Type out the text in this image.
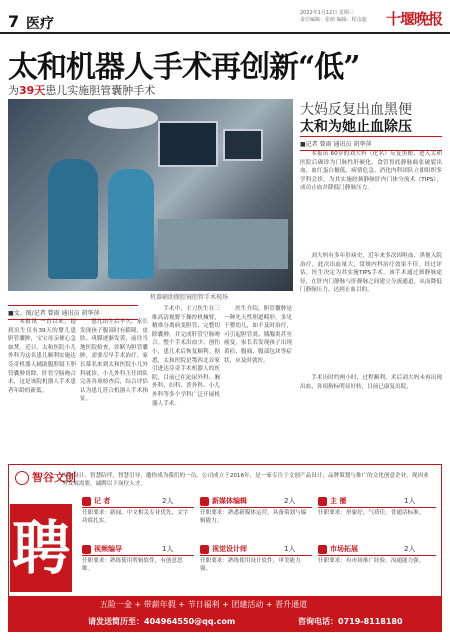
7 医疗
2022年1月12日 星期三
责任编辑：张萌 编辑：程彦超 十堰晚报
太和机器人手术再创新“低”
为39天患儿实施胆管囊肿手术
机器辅助腹腔镜胆管手术现场
■文、图/记者 曾雨 通讯员 胡华萍

本报讯 一直以来，提到出生仅有39天的婴儿患胆管囊肿，宝宝母亲便心急如焚。近日，太和医院小儿外科为这名患儿顺利实施达芬奇机器人辅助腹腔镜下胆管囊肿切除、肝管空肠吻合术，这是该院机器人手术患者年龄的新低。

患儿出生后不久，家长发现孩子腹部时有膨隆，皮肤、巩膜逐渐发黄，前往当地医院检查，诊断为胆管囊肿，需要尽早手术治疗。家长慕名来到太和医院小儿外科就诊。小儿外科主任团队完善各项检查后，综合评估认为患儿符合机器人手术指征。

手术中，主刀医生在三维高清视野下操控机械臂，精准分离病变胆管，完整切除囊肿，并完成肝管空肠吻合。整个手术出血少、创伤小，患儿术后恢复顺利。据悉，太和医院是鄂西北首家引进达芬奇手术机器人的医院，目前已在泌尿外科、胸外科、妇科、普外科、小儿外科等多个学科广泛开展机器人手术。

医生介绍，胆管囊肿是一种先天性胆道畸形，多见于婴幼儿，如不及时治疗，可引起胆管炎、胰腺炎甚至癌变。家长若发现孩子出现黄疸、腹痛、腹部包块等症状，应及时就医。

大妈反复出血黑便
太和为她止血除压
■记者 曾雨 通讯员 胡华萍

本报讯 60岁的刘大妈（化名）反复黑便、进入太和医院后确诊为门脉性肝硬化、食管胃底静脉曲张破裂出血，血红蛋白极低，病情危急。消化内科团队立即组织多学科会诊，为其实施经颈静脉肝内门体分流术（TIPS），成功止血并降低门静脉压力。

刘大妈有多年肝病史，近年来多次因呕血、黑便入院治疗，此次出血量大，常规内科治疗效果不佳。经过评估，医生决定为其实施TIPS手术。该手术通过颈静脉途径，在肝内门静脉与肝静脉之间建立分流通道，从而降低门静脉压力，达到止血目的。

手术历时约两小时，过程顺利。术后刘大妈未再出现出血，各项指标明显好转，目前已康复出院。

智谷文创
因心设计，智慧陪伴，智慧引导，邀你成为我们的一员。公司成立于2016年，是一家专注于文创产品设计、品牌策划与推广的文化创意企业，现因业务发展需要，诚聘以下岗位人才。
聘
记 者	2人
任职要求：新闻、中文相关专业优先，文字功底扎实。
新媒体编辑	2人
任职要求：熟悉新媒体运营，具备策划与编辑能力。
主 播	1人
任职要求：形象好，气质佳，普通话标准。
视频编导	1人
任职要求：熟练使用剪辑软件，有创意思维。
视觉设计师	1人
任职要求：熟练使用设计软件，审美能力强。
市场拓展	2人
任职要求：有市场推广经验，沟通能力强。
五险一金 + 带薪年假 + 节日福利 + 团建活动 + 晋升通道
请发送简历至：404964550@qq.com	咨询电话：0719-8118180
